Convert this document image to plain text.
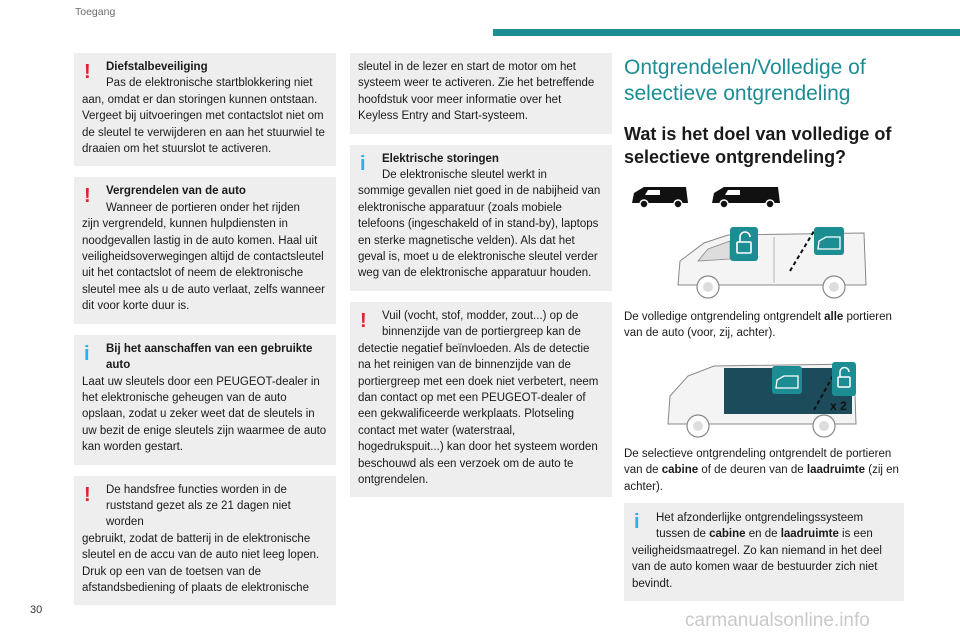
Toegang
!	Diefstalbeveiliging
Pas de elektronische startblokkering niet

aan, omdat er dan storingen kunnen ontstaan. Vergeet bij uitvoeringen met contactslot niet om de sleutel te verwijderen en aan het stuurwiel te draaien om het stuurslot te activeren.

!	Vergrendelen van de auto
Wanneer de portieren onder het rijden

zijn vergrendeld, kunnen hulpdiensten in noodgevallen lastig in de auto komen. Haal uit veiligheidsoverwegingen altijd de contactsleutel uit het contactslot of neem de elektronische sleutel mee als u de auto verlaat, zelfs wanneer dit voor korte duur is.

i	Bij het aanschaffen van een gebruikte auto

Laat uw sleutels door een PEUGEOT-dealer in het elektronische geheugen van de auto opslaan, zodat u zeker weet dat de sleutels in uw bezit de enige sleutels zijn waarmee de auto kan worden gestart.

!	De handsfree functies worden in de ruststand gezet als ze 21 dagen niet worden

gebruikt, zodat de batterij in de elektronische sleutel en de accu van de auto niet leeg lopen. Druk op een van de toetsen van de afstandsbediening of plaats de elektronische

sleutel in de lezer en start de motor om het systeem weer te activeren. Zie het betreffende hoofdstuk voor meer informatie over het Keyless Entry and Start-systeem.

i	Elektrische storingen
De elektronische sleutel werkt in

sommige gevallen niet goed in de nabijheid van elektronische apparatuur (zoals mobiele telefoons (ingeschakeld of in stand-by), laptops en sterke magnetische velden). Als dat het geval is, moet u de elektronische sleutel verder weg van de elektronische apparatuur houden.

!	Vuil (vocht, stof, modder, zout...) op de binnenzijde van de portiergreep kan de

detectie negatief beïnvloeden. Als de detectie na het reinigen van de binnenzijde van de portiergreep met een doek niet verbetert, neem dan contact op met een PEUGEOT-dealer of een gekwalificeerde werkplaats. Plotseling contact met water (waterstraal, hogedrukspuit...) kan door het systeem worden beschouwd als een verzoek om de auto te ontgrendelen.

Ontgrendelen/Volledige of selectieve ontgrendeling
Wat is het doel van volledige of selectieve ontgrendeling?

De volledige ontgrendeling ontgrendelt alle portieren van de auto (voor, zij, achter).

x 2

De selectieve ontgrendeling ontgrendelt de portieren van de cabine of de deuren van de laadruimte (zij en achter).

i	Het afzonderlijke ontgrendelingssysteem tussen de cabine en de laadruimte is een

veiligheidsmaatregel. Zo kan niemand in het deel van de auto komen waar de bestuurder zich niet bevindt.

30	carmanualsonline.info
